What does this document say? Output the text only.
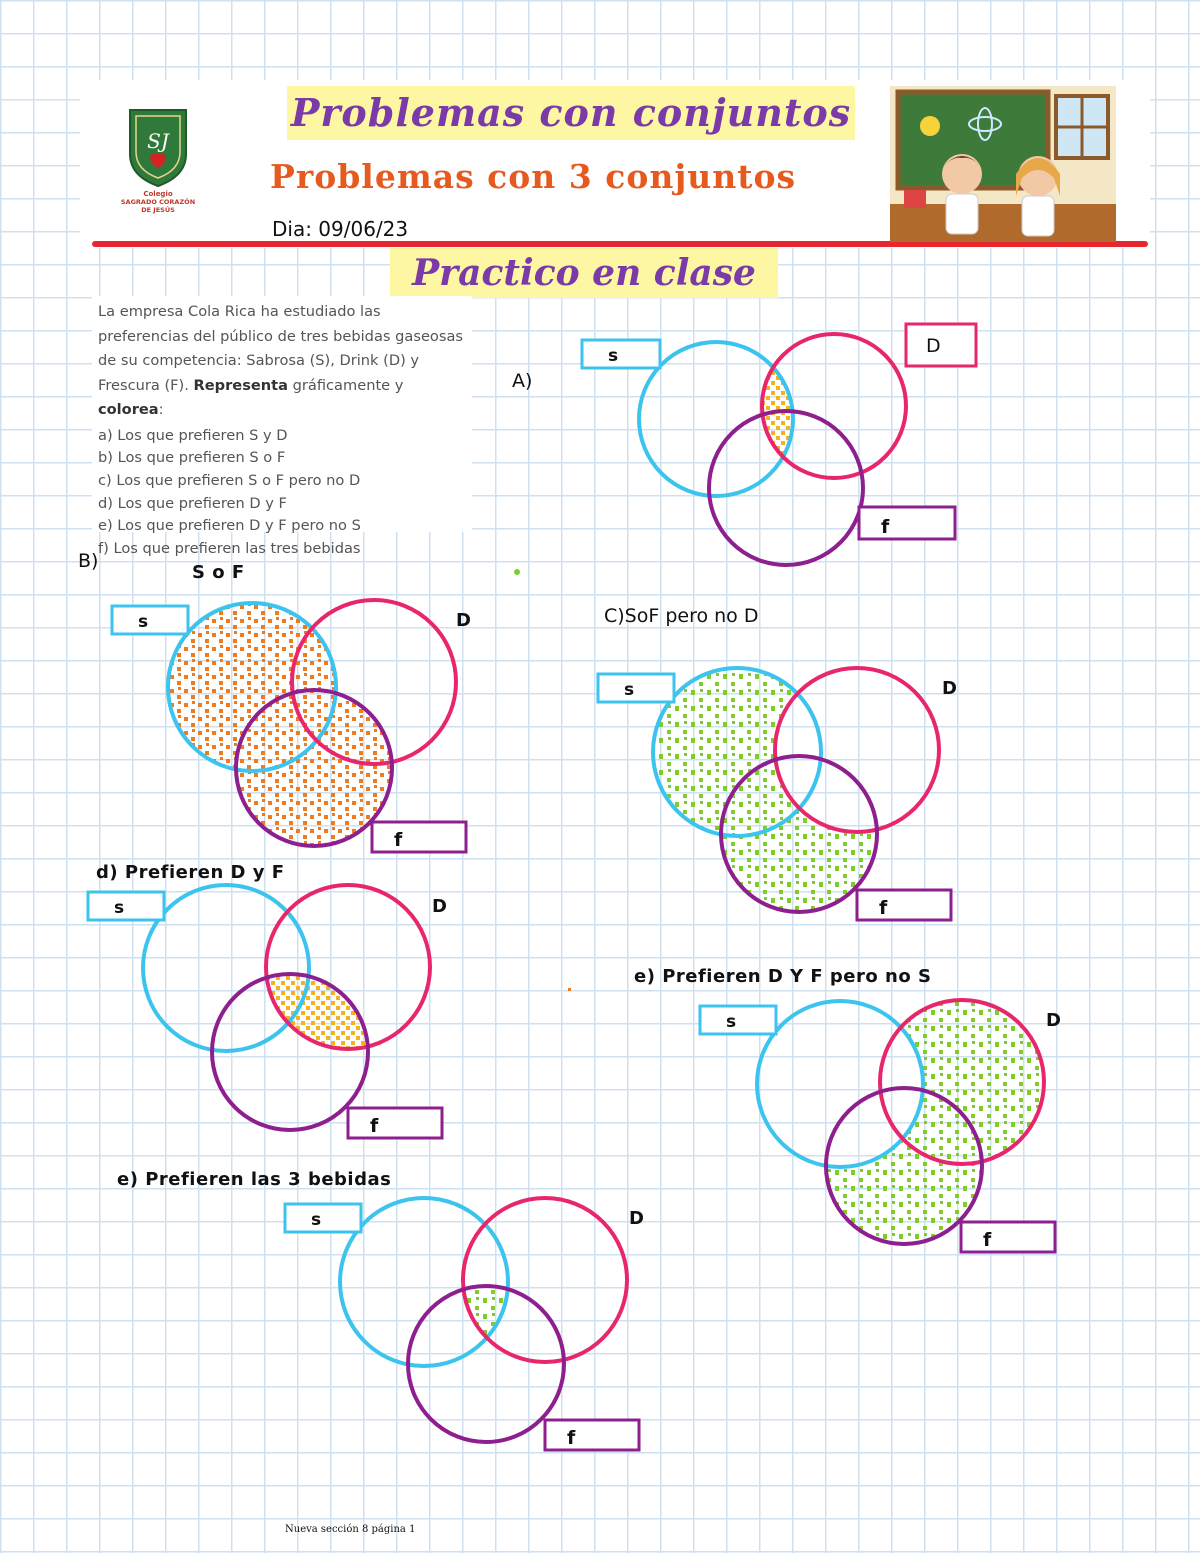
SJ
Colegio
SAGRADO CORAZÓN
DE JESÚS
Problemas con conjuntos
Problemas con 3 conjuntos
Dia: 09/06/23
Practico en clase

La empresa Cola Rica ha estudiado las preferencias del público de tres bebidas gaseosas de su competencia: Sabrosa (S), Drink (D) y Frescura (F). Representa gráficamente y colorea:

a) Los que prefieren S y D
b) Los que prefieren S o F
c) Los que prefieren S o F pero no D
d) Los que prefieren D y F
e) Los que prefieren D y F pero no S
f) Los que prefieren las tres bebidas
A)
B)
S o F
C)SoF pero no D
d) Prefieren D y F
e) Prefieren D Y F pero no S
e) Prefieren las 3 bebidas
s	D
f
s	D
f
s	D
f
s	D
f
s	D
f
s	D
f
Nueva sección 8 página 1
